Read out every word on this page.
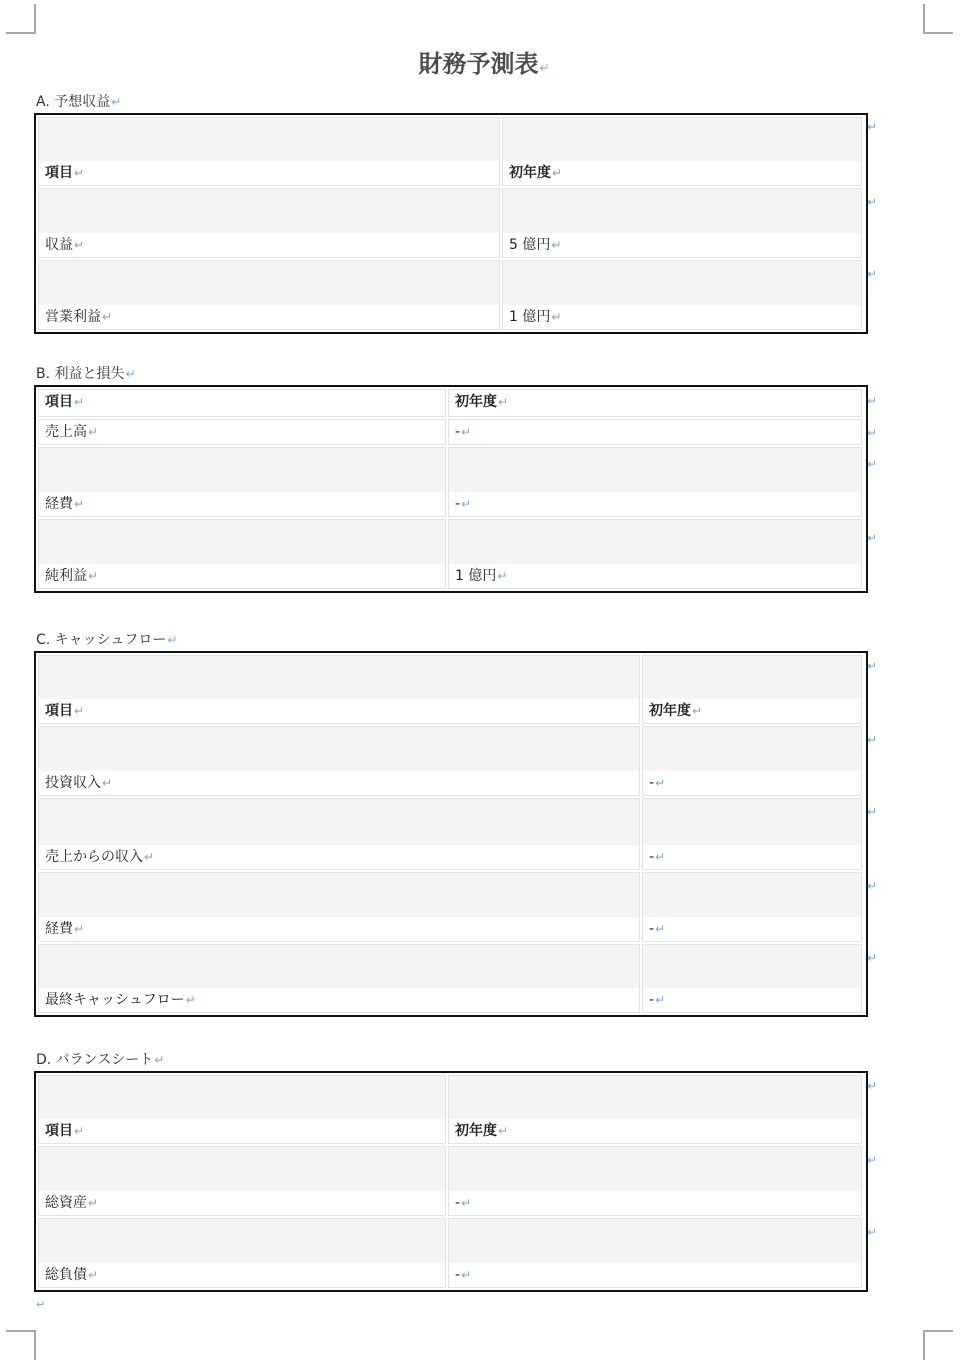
財務予測表↵
A. 予想収益↵
項目↵	初年度↵
収益↵	5 億円↵
営業利益↵	1 億円↵
↵
↵
↵
B. 利益と損失↵
項目↵	初年度↵
売上高↵	-↵
経費↵	-↵
純利益↵	1 億円↵
↵
↵
↵
↵
C. キャッシュフロー↵
項目↵	初年度↵
投資収入↵	-↵
売上からの収入↵	-↵
経費↵	-↵
最終キャッシュフロー↵	-↵
↵
↵
↵
↵
↵
D. バランスシート↵
項目↵	初年度↵
総資産↵	-↵
総負債↵	-↵
↵
↵
↵
↵
